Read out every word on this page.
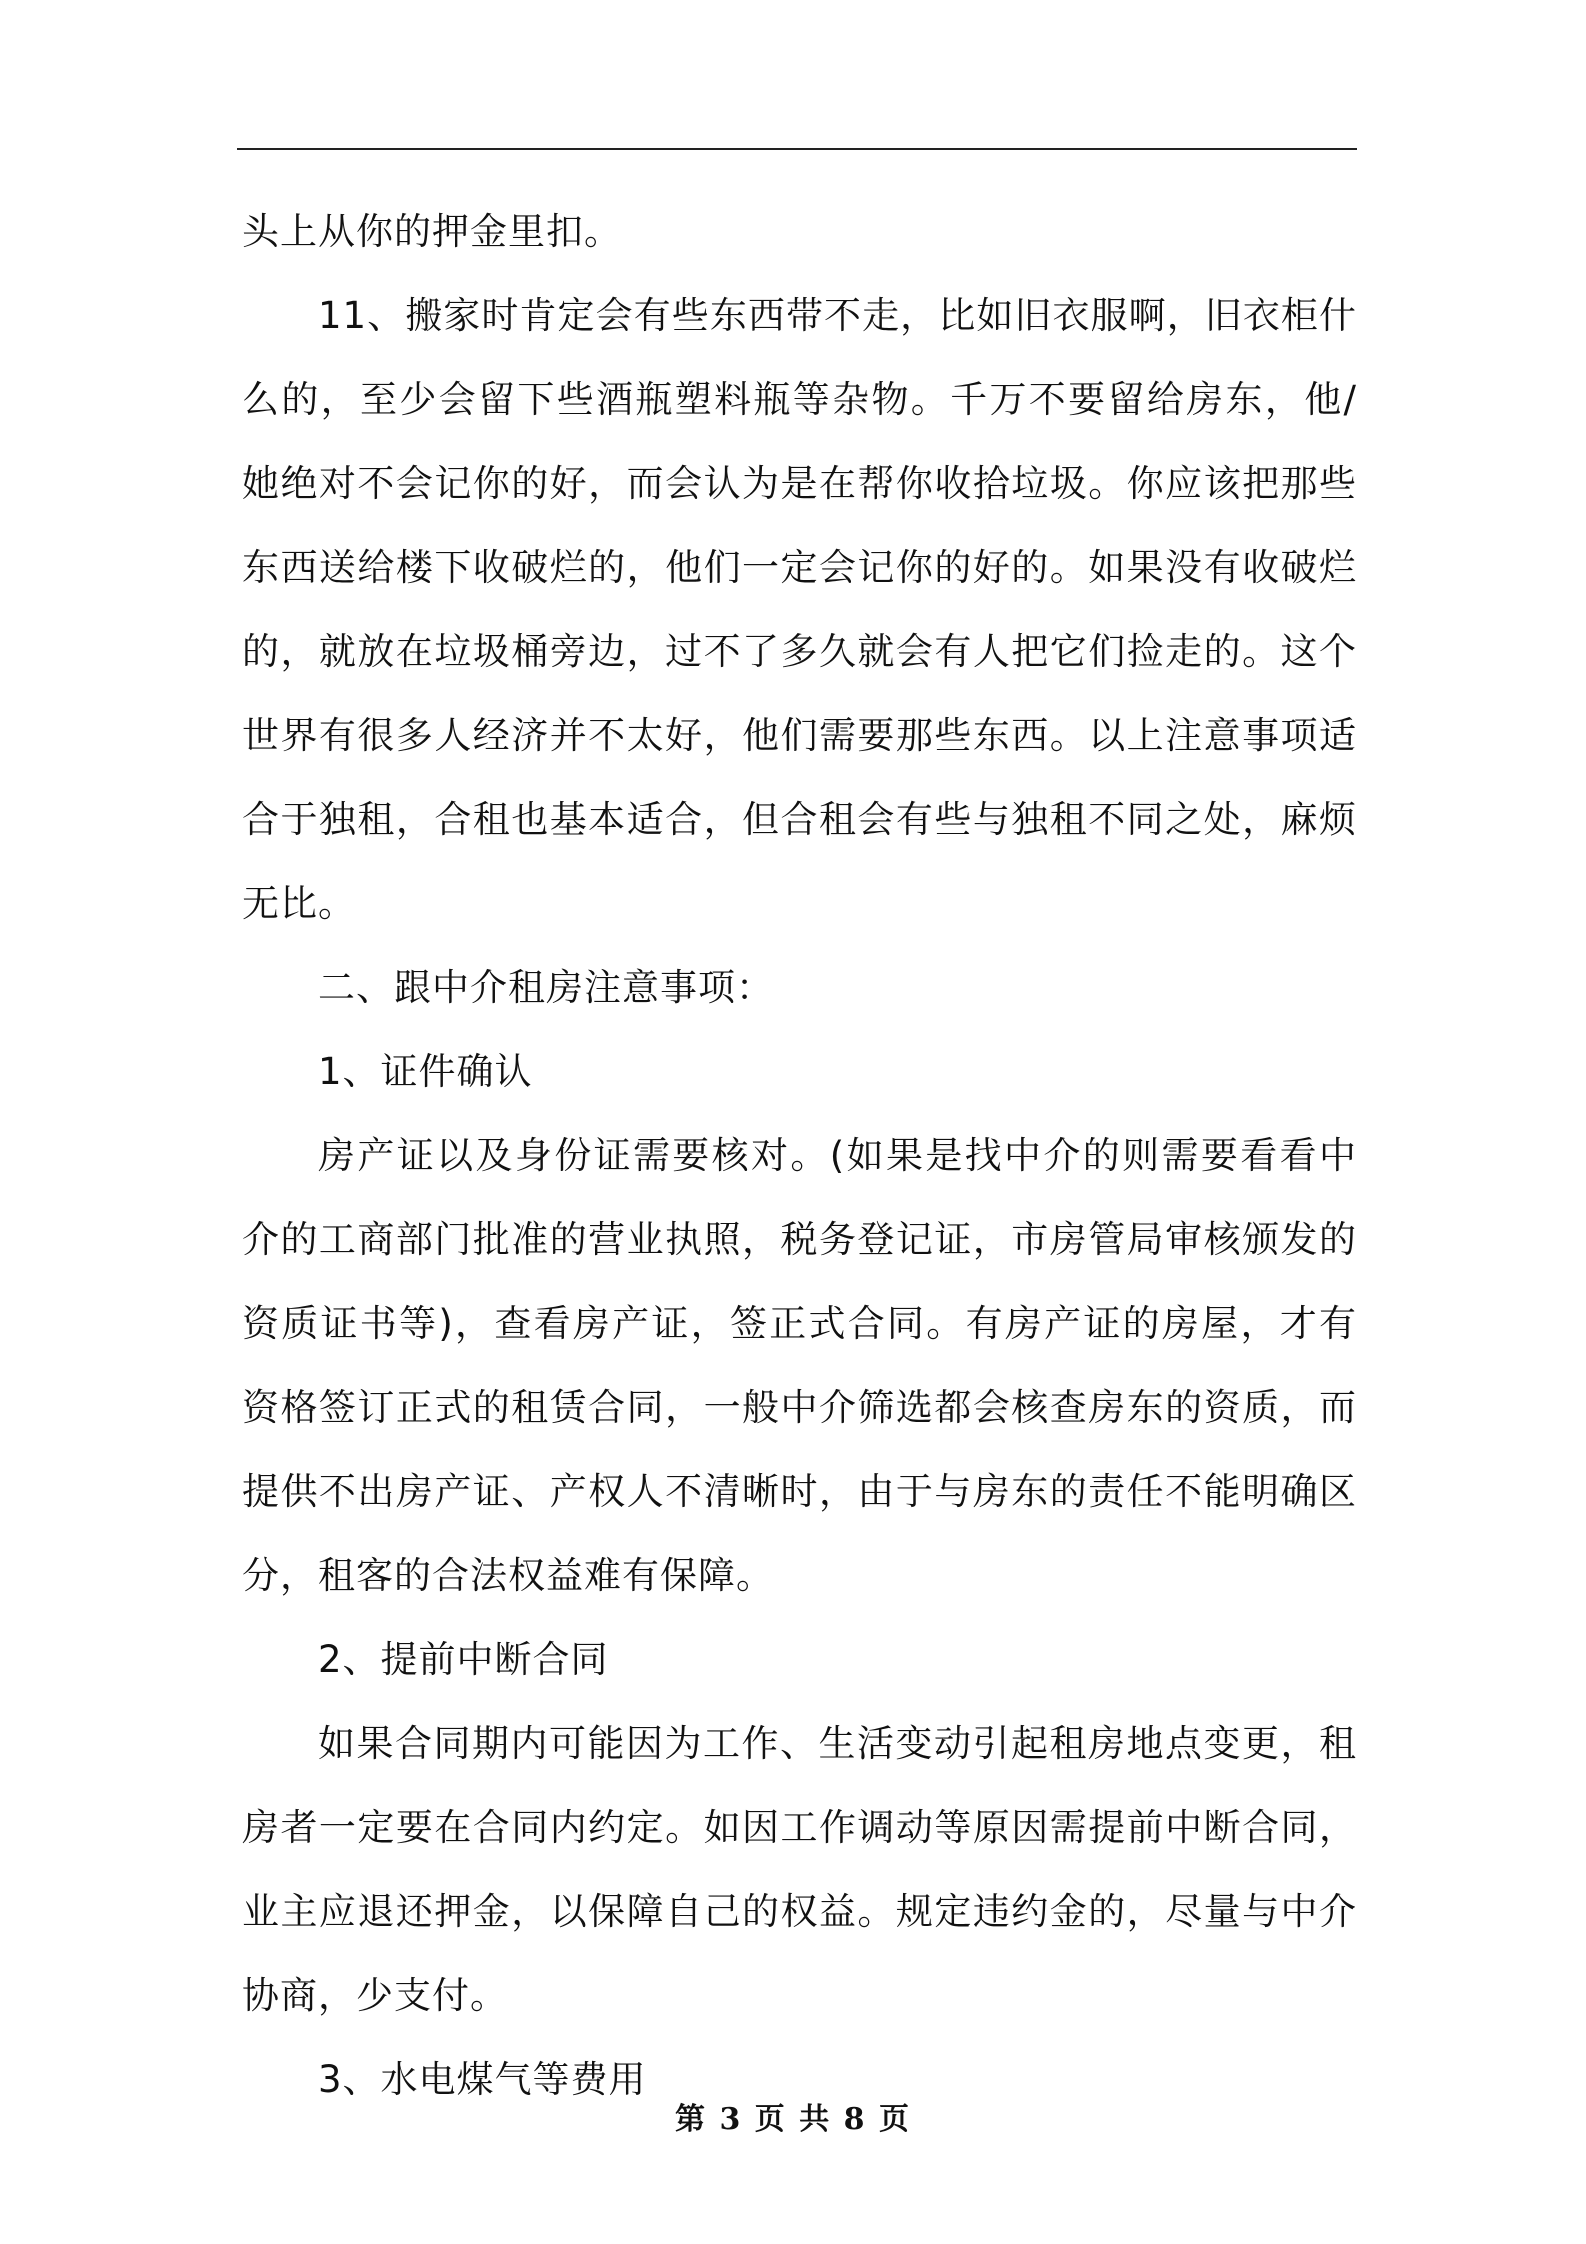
头上从你的押金里扣。

11、搬家时肯定会有些东西带不走，比如旧衣服啊，旧衣柜什么的，至少会留下些酒瓶塑料瓶等杂物。千万不要留给房东，他/她绝对不会记你的好，而会认为是在帮你收拾垃圾。你应该把那些东西送给楼下收破烂的，他们一定会记你的好的。如果没有收破烂的，就放在垃圾桶旁边，过不了多久就会有人把它们捡走的。这个世界有很多人经济并不太好，他们需要那些东西。以上注意事项适合于独租，合租也基本适合，但合租会有些与独租不同之处，麻烦无比。

二、跟中介租房注意事项：

1、证件确认

房产证以及身份证需要核对。(如果是找中介的则需要看看中介的工商部门批准的营业执照，税务登记证，市房管局审核颁发的资质证书等)，查看房产证，签正式合同。有房产证的房屋，才有资格签订正式的租赁合同，一般中介筛选都会核查房东的资质，而提供不出房产证、产权人不清晰时，由于与房东的责任不能明确区分，租客的合法权益难有保障。

2、提前中断合同

如果合同期内可能因为工作、生活变动引起租房地点变更，租房者一定要在合同内约定。如因工作调动等原因需提前中断合同，业主应退还押金，以保障自己的权益。规定违约金的，尽量与中介协商，少支付。

3、水电煤气等费用

第 3 页 共 8 页
